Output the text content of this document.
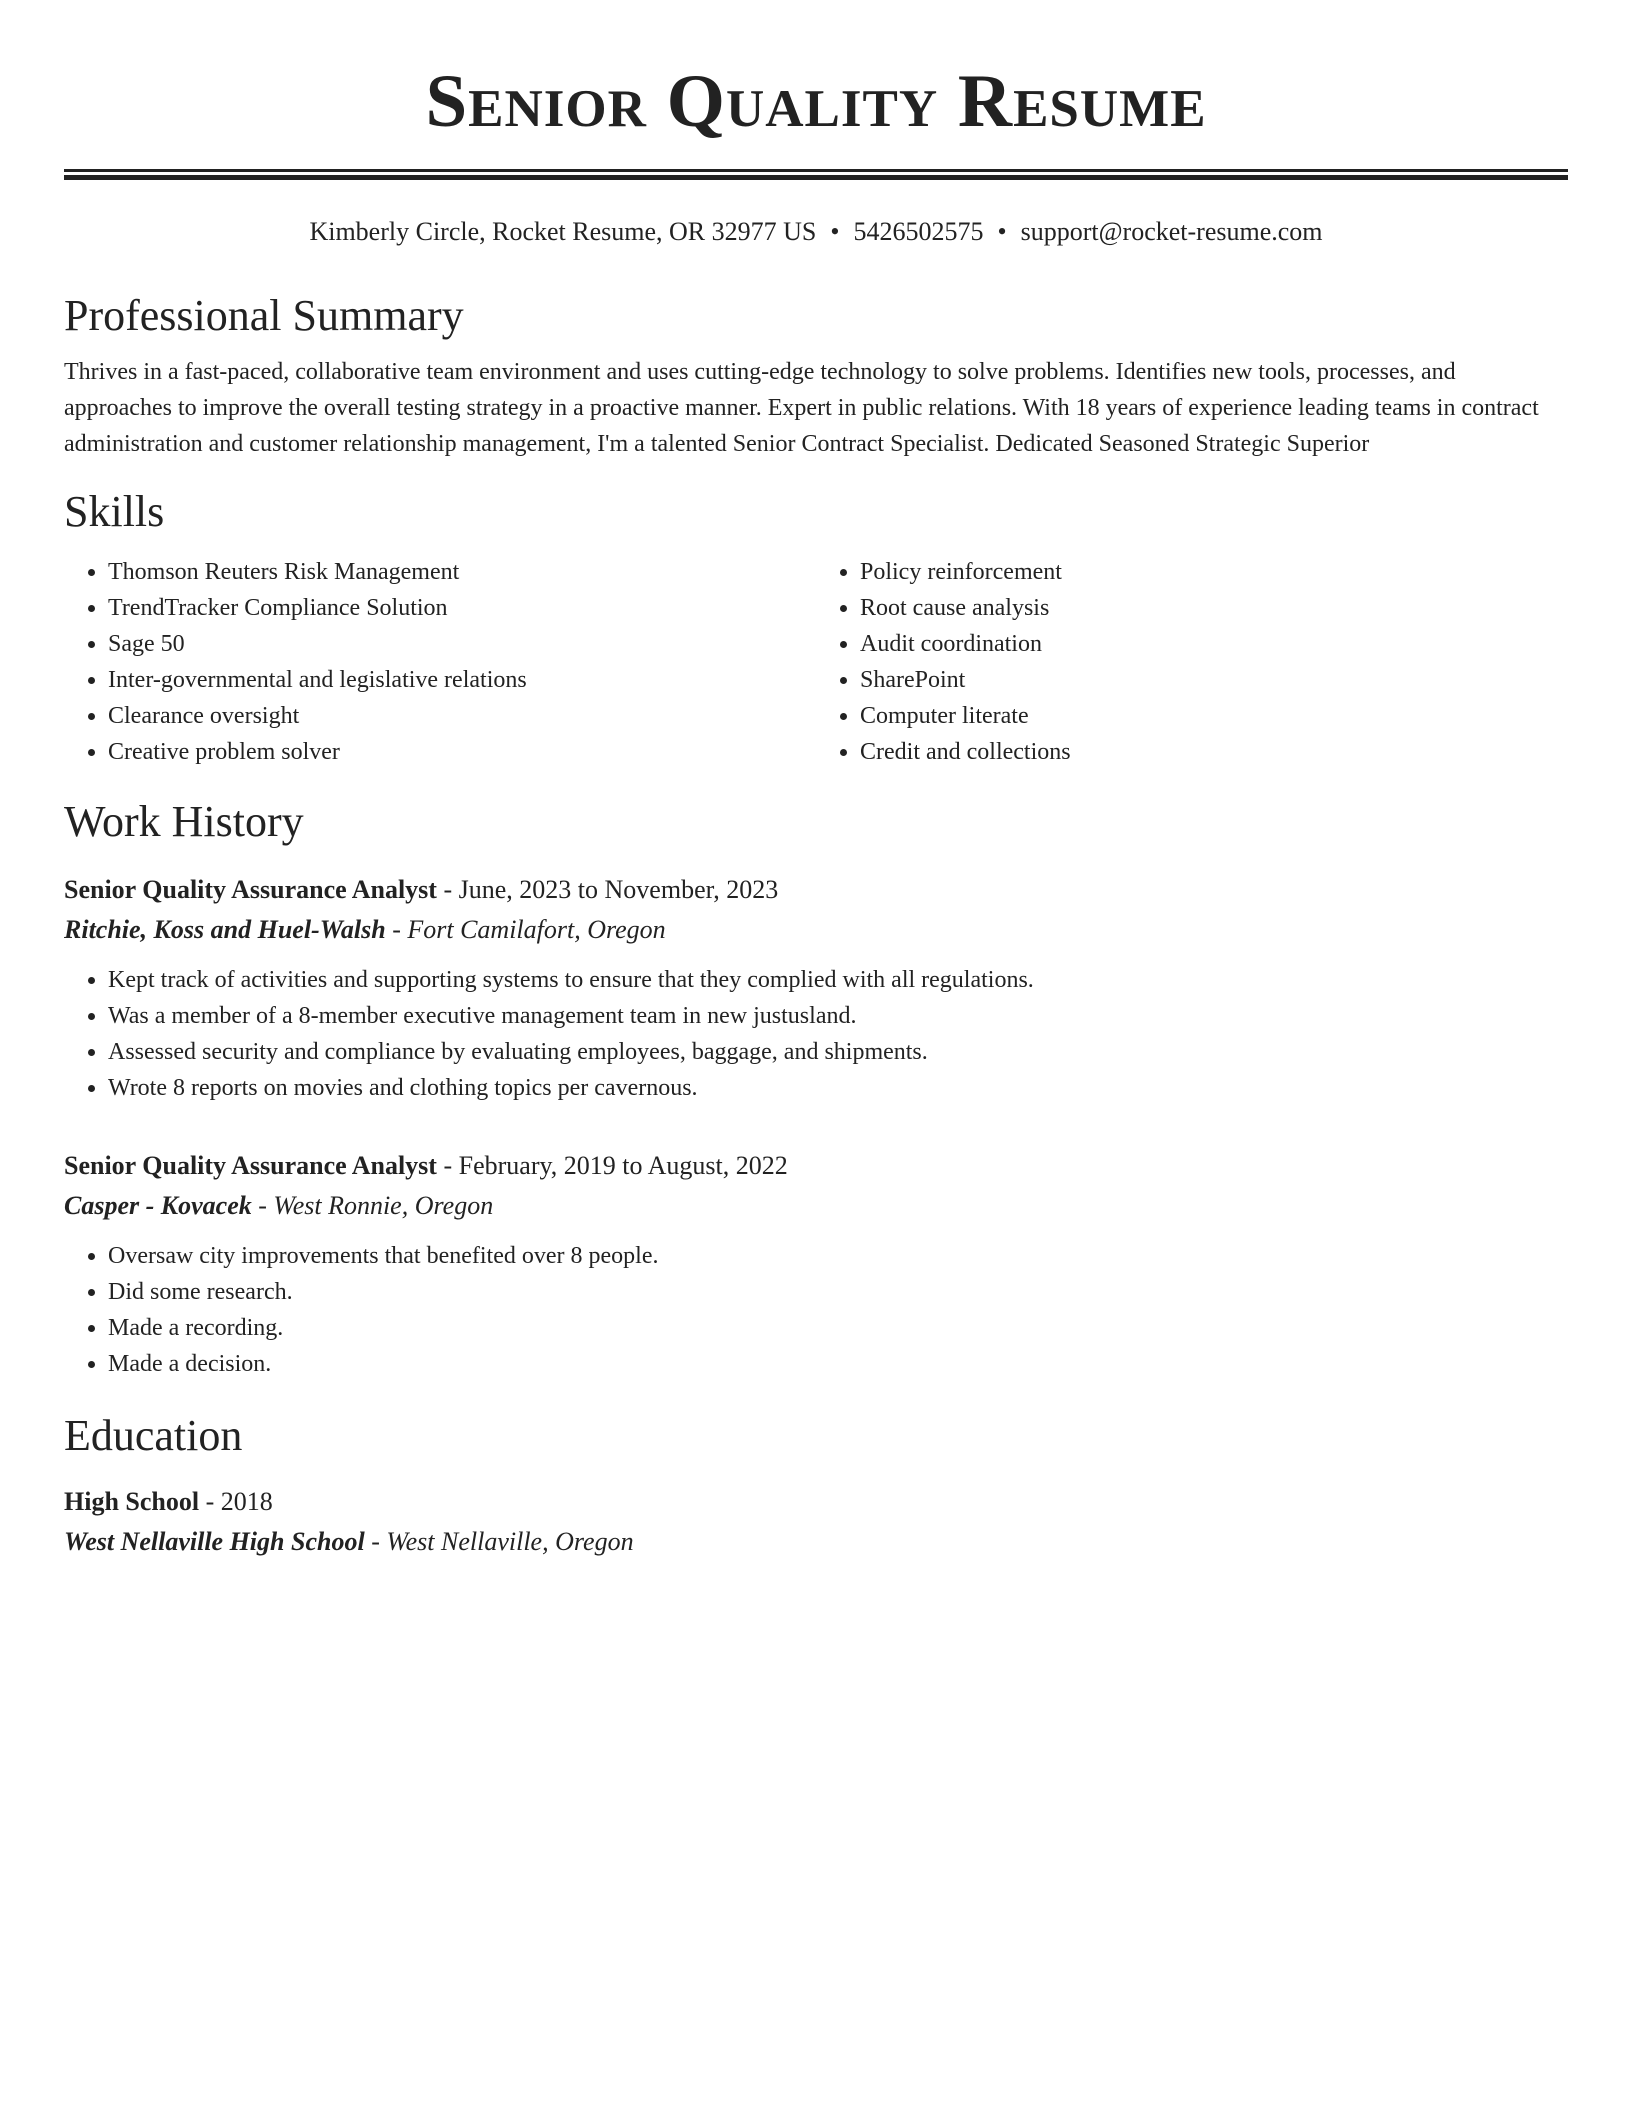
Senior Quality Resume
Kimberly Circle, Rocket Resume, OR 32977 US • 5426502575 • support@rocket-resume.com
Professional Summary

Thrives in a fast-paced, collaborative team environment and uses cutting-edge technology to solve problems. Identifies new tools, processes, and approaches to improve the overall testing strategy in a proactive manner. Expert in public relations. With 18 years of experience leading teams in contract administration and customer relationship management, I'm a talented Senior Contract Specialist. Dedicated Seasoned Strategic Superior

Skills
• Thomson Reuters Risk Management
• TrendTracker Compliance Solution
• Sage 50
• Inter-governmental and legislative relations
• Clearance oversight
• Creative problem solver
• Policy reinforcement
• Root cause analysis
• Audit coordination
• SharePoint
• Computer literate
• Credit and collections
Work History
Senior Quality Assurance Analyst - June, 2023 to November, 2023
Ritchie, Koss and Huel-Walsh - Fort Camilafort, Oregon
• Kept track of activities and supporting systems to ensure that they complied with all regulations.
• Was a member of a 8-member executive management team in new justusland.
• Assessed security and compliance by evaluating employees, baggage, and shipments.
• Wrote 8 reports on movies and clothing topics per cavernous.
Senior Quality Assurance Analyst - February, 2019 to August, 2022
Casper - Kovacek - West Ronnie, Oregon
• Oversaw city improvements that benefited over 8 people.
• Did some research.
• Made a recording.
• Made a decision.
Education
High School - 2018
West Nellaville High School - West Nellaville, Oregon
